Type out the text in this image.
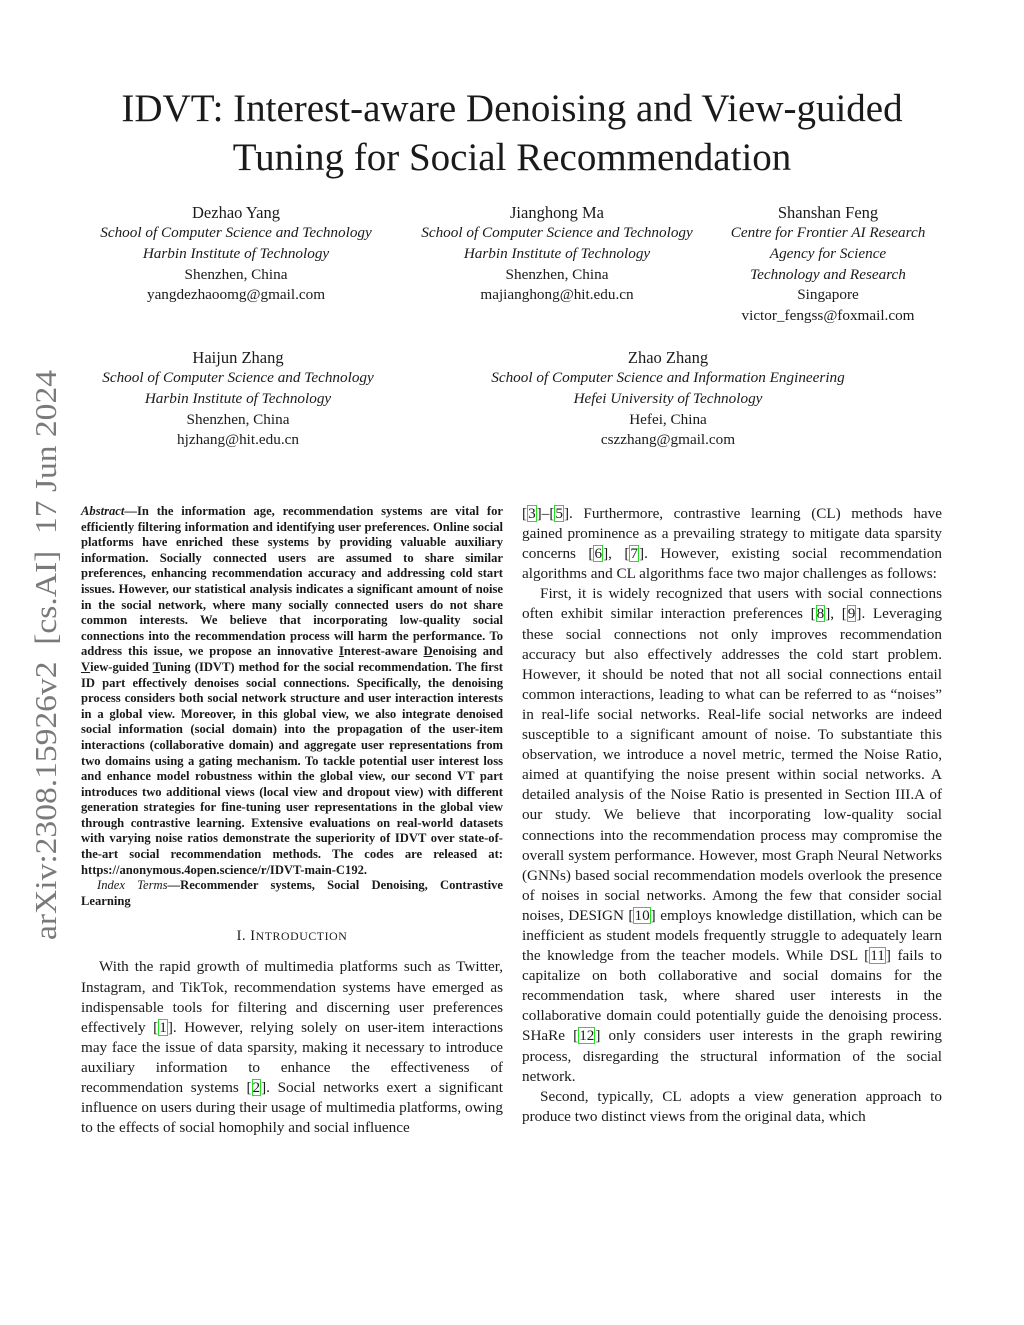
IDVT: Interest-aware Denoising and View-guided
Tuning for Social Recommendation
Dezhao Yang
School of Computer Science and Technology
Harbin Institute of Technology
Shenzhen, China
yangdezhaoomg@gmail.com
Jianghong Ma
School of Computer Science and Technology
Harbin Institute of Technology
Shenzhen, China
majianghong@hit.edu.cn
Shanshan Feng
Centre for Frontier AI Research
Agency for Science
Technology and Research
Singapore
victor_fengss@foxmail.com
Haijun Zhang
School of Computer Science and Technology
Harbin Institute of Technology
Shenzhen, China
hjzhang@hit.edu.cn
Zhao Zhang
School of Computer Science and Information Engineering
Hefei University of Technology
Hefei, China
cszzhang@gmail.com
arXiv:2308.15926v2  [cs.AI]  17 Jun 2024 Abstract—In the information age, recommendation systems are vital for efficiently filtering information and identifying user preferences. Online social platforms have enriched these systems by providing valuable auxiliary information. Socially connected users are assumed to share similar preferences, enhancing recommendation accuracy and addressing cold start issues. However, our statistical analysis indicates a significant amount of noise in the social network, where many socially connected users do not share common interests. We believe that incorporating low-quality social connections into the recommendation process will harm the performance. To address this issue, we propose an innovative Interest-aware Denoising and View-guided Tuning (IDVT) method for the social recommendation. The first ID part effectively denoises social connections. Specifically, the denoising process considers both social network structure and user interaction interests in a global view. Moreover, in this global view, we also integrate denoised social information (social domain) into the propagation of the user-item interactions (collaborative domain) and aggregate user representations from two domains using a gating mechanism. To tackle potential user interest loss and enhance model robustness within the global view, our second VT part introduces two additional views (local view and dropout view) with different generation strategies for fine-tuning user representations in the global view through contrastive learning. Extensive evaluations on real-world datasets with varying noise ratios demonstrate the superiority of IDVT over state-of-the-art social recommendation methods. The codes are released at: https://anonymous.4open.science/r/IDVT-main-C192.

Index Terms—Recommender systems, Social Denoising, Contrastive Learning

I. INTRODUCTION

With the rapid growth of multimedia platforms such as Twitter, Instagram, and TikTok, recommendation systems have emerged as indispensable tools for filtering and discerning user preferences effectively [1]. However, relying solely on user-item interactions may face the issue of data sparsity, making it necessary to introduce auxiliary information to enhance the effectiveness of recommendation systems [2]. Social networks exert a significant influence on users during their usage of multimedia platforms, owing to the effects of social homophily and social influence

[3]–[5]. Furthermore, contrastive learning (CL) methods have gained prominence as a prevailing strategy to mitigate data sparsity concerns [6], [7]. However, existing social recommendation algorithms and CL algorithms face two major challenges as follows:

First, it is widely recognized that users with social connections often exhibit similar interaction preferences [8], [9]. Leveraging these social connections not only improves recommendation accuracy but also effectively addresses the cold start problem. However, it should be noted that not all social connections entail common interactions, leading to what can be referred to as “noises” in real-life social networks. Real-life social networks are indeed susceptible to a significant amount of noise. To substantiate this observation, we introduce a novel metric, termed the Noise Ratio, aimed at quantifying the noise present within social networks. A detailed analysis of the Noise Ratio is presented in Section III.A of our study. We believe that incorporating low-quality social connections into the recommendation process may compromise the overall system performance. However, most Graph Neural Networks (GNNs) based social recommendation models overlook the presence of noises in social networks. Among the few that consider social noises, DESIGN [10] employs knowledge distillation, which can be inefficient as student models frequently struggle to adequately learn the knowledge from the teacher models. While DSL [11] fails to capitalize on both collaborative and social domains for the recommendation task, where shared user interests in the collaborative domain could potentially guide the denoising process. SHaRe [12] only considers user interests in the graph rewiring process, disregarding the structural information of the social network.

Second, typically, CL adopts a view generation approach to produce two distinct views from the original data, which
